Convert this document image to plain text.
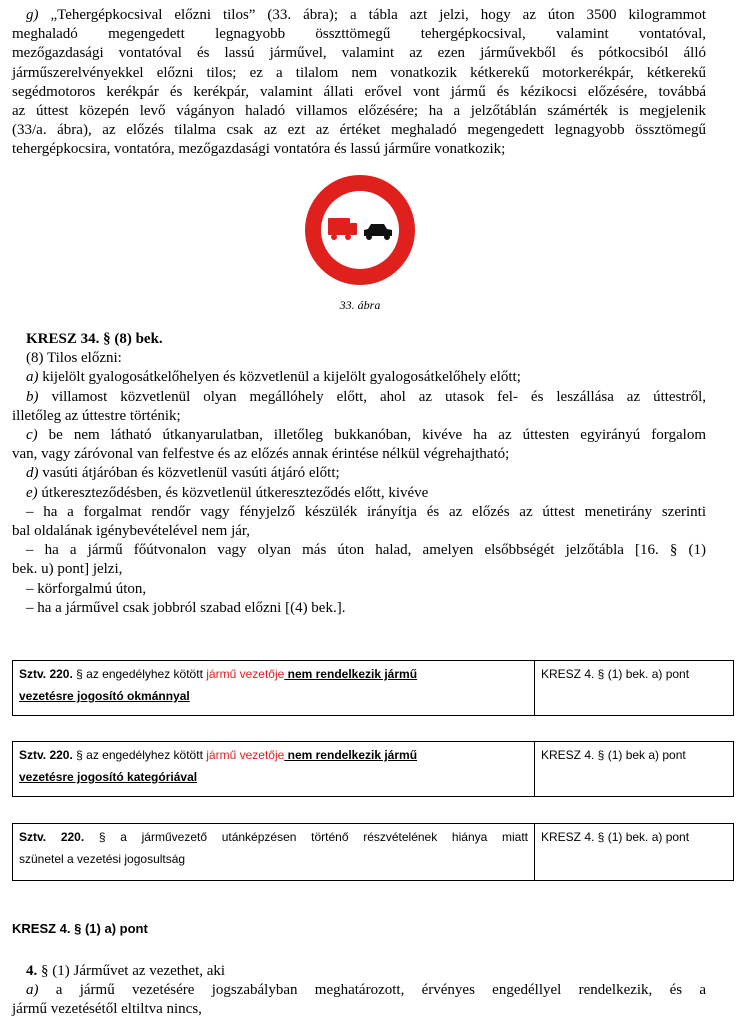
g) „Tehergépkocsival előzni tilos” (33. ábra); a tábla azt jelzi, hogy az úton 3500 kilogrammot
meghaladó megengedett legnagyobb összttömegű tehergépkocsival, valamint vontatóval,
mezőgazdasági vontatóval és lassú járművel, valamint az ezen járművekből és pótkocsiból álló
járműszerelvényekkel előzni tilos; ez a tilalom nem vonatkozik kétkerekű motorkerékpár, kétkerekű
segédmotoros kerékpár és kerékpár, valamint állati erővel vont jármű és kézikocsi előzésére, továbbá
az úttest közepén levő vágányon haladó villamos előzésére; ha a jelzőtáblán számérték is megjelenik
(33/a. ábra), az előzés tilalma csak az ezt az értéket meghaladó megengedett legnagyobb össztömegű
tehergépkocsira, vontatóra, mezőgazdasági vontatóra és lassú járműre vonatkozik;
33. ábra
KRESZ 34. § (8) bek.
(8) Tilos előzni:
a) kijelölt gyalogosátkelőhelyen és közvetlenül a kijelölt gyalogosátkelőhely előtt;
b) villamost közvetlenül olyan megállóhely előtt, ahol az utasok fel- és leszállása az úttestről,
illetőleg az úttestre történik;
c) be nem látható útkanyarulatban, illetőleg bukkanóban, kivéve ha az úttesten egyirányú forgalom
van, vagy záróvonal van felfestve és az előzés annak érintése nélkül végrehajtható;
d) vasúti átjáróban és közvetlenül vasúti átjáró előtt;
e) útkereszteződésben, és közvetlenül útkereszteződés előtt, kivéve
– ha a forgalmat rendőr vagy fényjelző készülék irányítja és az előzés az úttest menetirány szerinti
bal oldalának igénybevételével nem jár,
– ha a jármű főútvonalon vagy olyan más úton halad, amelyen elsőbbségét jelzőtábla [16. § (1)
bek. u) pont] jelzi,
– körforgalmú úton,
– ha a járművel csak jobbról szabad előzni [(4) bek.].
Sztv. 220. § az engedélyhez kötött jármű vezetője nem rendelkezik jármű
vezetésre jogosító okmánnyal
KRESZ 4. § (1) bek. a) pont
Sztv. 220. § az engedélyhez kötött jármű vezetője nem rendelkezik jármű
vezetésre jogosító kategóriával
KRESZ 4. § (1) bek a) pont
Sztv. 220. § a járművezető utánképzésen történő részvételének hiánya miatt
szünetel a vezetési jogosultság
KRESZ 4. § (1) bek. a) pont
KRESZ 4. § (1) a) pont
4. § (1) Járművet az vezethet, aki
a) a jármű vezetésére jogszabályban meghatározott, érvényes engedéllyel rendelkezik, és a
jármű vezetésétől eltiltva nincs,
